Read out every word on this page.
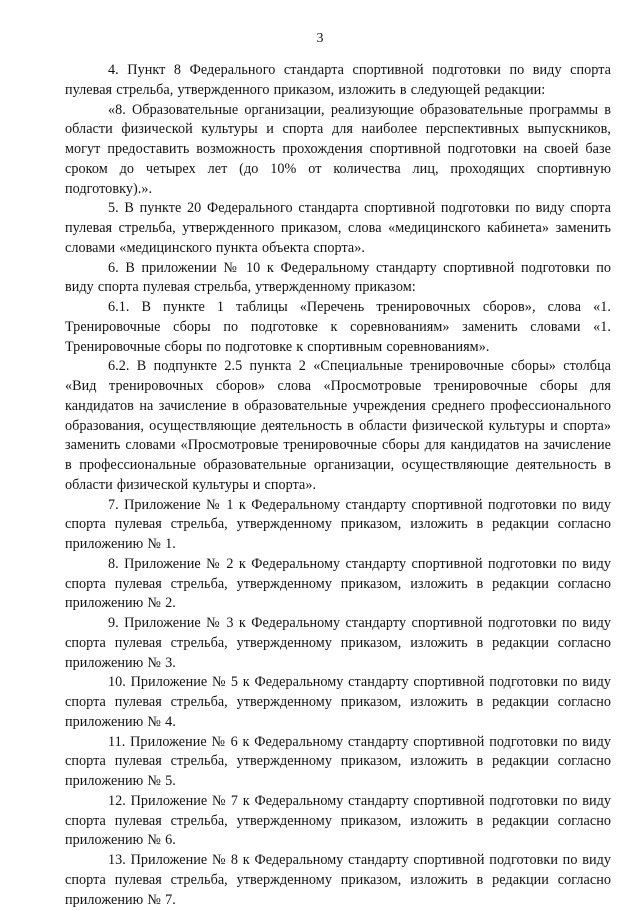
3

4. Пункт 8 Федерального стандарта спортивной подготовки по виду спорта пулевая стрельба, утвержденного приказом, изложить в следующей редакции:

«8. Образовательные организации, реализующие образовательные программы в области физической культуры и спорта для наиболее перспективных выпускников, могут предоставить возможность прохождения спортивной подготовки на своей базе сроком до четырех лет (до 10% от количества лиц, проходящих спортивную подготовку).».

5. В пункте 20 Федерального стандарта спортивной подготовки по виду спорта пулевая стрельба, утвержденного приказом, слова «медицинского кабинета» заменить словами «медицинского пункта объекта спорта».

6. В приложении № 10 к Федеральному стандарту спортивной подготовки по виду спорта пулевая стрельба, утвержденному приказом:

6.1. В пункте 1 таблицы «Перечень тренировочных сборов», слова «1. Тренировочные сборы по подготовке к соревнованиям» заменить словами «1. Тренировочные сборы по подготовке к спортивным соревнованиям».

6.2. В подпункте 2.5 пункта 2 «Специальные тренировочные сборы» столбца «Вид тренировочных сборов» слова «Просмотровые тренировочные сборы для кандидатов на зачисление в образовательные учреждения среднего профессионального образования, осуществляющие деятельность в области физической культуры и спорта» заменить словами «Просмотровые тренировочные сборы для кандидатов на зачисление в профессиональные образовательные организации, осуществляющие деятельность в области физической культуры и спорта».

7. Приложение № 1 к Федеральному стандарту спортивной подготовки по виду спорта пулевая стрельба, утвержденному приказом, изложить в редакции согласно приложению № 1.

8. Приложение № 2 к Федеральному стандарту спортивной подготовки по виду спорта пулевая стрельба, утвержденному приказом, изложить в редакции согласно приложению № 2.

9. Приложение № 3 к Федеральному стандарту спортивной подготовки по виду спорта пулевая стрельба, утвержденному приказом, изложить в редакции согласно приложению № 3.

10. Приложение № 5 к Федеральному стандарту спортивной подготовки по виду спорта пулевая стрельба, утвержденному приказом, изложить в редакции согласно приложению № 4.

11. Приложение № 6 к Федеральному стандарту спортивной подготовки по виду спорта пулевая стрельба, утвержденному приказом, изложить в редакции согласно приложению № 5.

12. Приложение № 7 к Федеральному стандарту спортивной подготовки по виду спорта пулевая стрельба, утвержденному приказом, изложить в редакции согласно приложению № 6.

13. Приложение № 8 к Федеральному стандарту спортивной подготовки по виду спорта пулевая стрельба, утвержденному приказом, изложить в редакции согласно приложению № 7.
